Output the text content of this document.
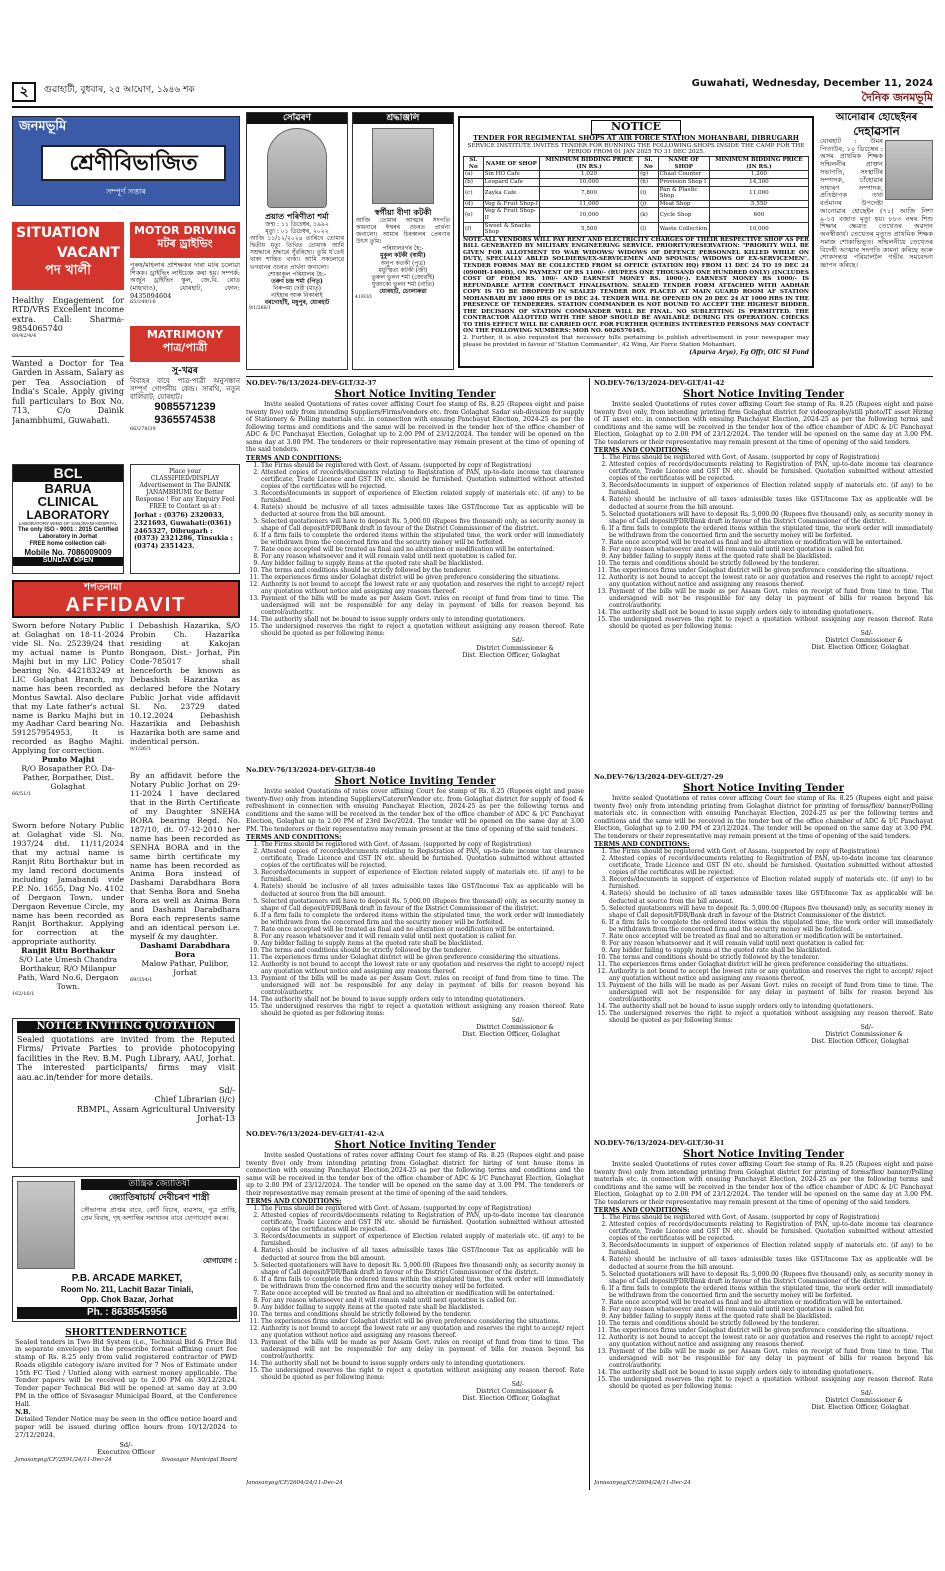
২	গুৱাহাটী, বুধবাৰ, ২৫ আঘোণ, ১৯৪৬ শক
Guwahati, Wednesday, December 11, 2024
দৈনিক জনমভূমি
জনমভূমি
শ্ৰেণীবিভাজিত
সম্পূৰ্ণ সত্তাৰ
SITUATION
VACANT
পদ খালী
Healthy Engagement for RTD/VRS Excellent income extra. Call: Sharma- 9854065740
69/42/4/4
Wanted a Doctor for Tea Garden in Assam, Salary as per Tea Association of India's Scale. Apply giving full particulars to Box No. 713, C/o Dainik Janambhumi, Guwahati.
MOTOR DRIVING
মটৰ ড্ৰাইভিং
পুৰুষ/মহিলাৰ প্ৰশিক্ষকৰ দাৰা মটৰ চলোৱা শিকক। ড্ৰাইভিং লাইচেঞ্চ কৰা হয়। সম্পৰ্ক: অৰ্জুন ড্ৰাইভিং স্কুল, জে.বি. ৰোড (মাছখাও), যোৰহাট, ফোন: 9435094604
65/249/16
MATRIMONY
পাত্ৰ/পাত্ৰী
সু-খৱৰ
বিবাহৰ বাবে পাত্ৰ-পাত্ৰী অনুসন্ধান সম্পূৰ্ণ গোপনীয় কেন্দ্ৰ। সাৰথি, নতুন বালিবাট, যোৰহাট।
9085571239
9365574538
66/278/39
BCL
BARUA
CLINICAL
LABORATORY
LABORATORY WING OF SANJIVANI HOSPITAL
The only ISO - 9001 : 2015 Certified Laboratory in Jorhat
FREE home collection call-
Mobile No. 7086009009
SUNDAY OPEN
Place your CLASSIFIED/DISPLAY Advertisement in The DAINIK JANAMBHUMI for Better Response ! For any Enquiry Feel FREE to Contact us at :
Jorhat : (0376) 2320033, 2321693, Guwahati:(0361) 2465327, Dibrugarh : (0373) 2321286, Tinsukia : (0374) 2351423.
শপতনামা
AFFIDAVIT
Sworn before Notary Public at Golaghat on 18-11-2024 vide Sl. No. 25239/24 that my actual name is Punto Majhi but in my LIC Policy bearing No. 442183249 at LIC Golaghat Branch, my name has been recorded as Montus Sawtal. Also declare that my Late father's actual name is Barku Majhi but in my Aadhar Card bearing No. 591257954953, It is recorded as Bagho Majhi. Applying for correction.
Punto Majhi
R/O Bosapather P.O. Da-Pather, Borpather, Dist. Golaghat
66/51/1
Sworn before Notary Public at Golaghat vide Sl. No. 1937/24 dtd. 11/11/2024 that my actual name is Ranjit Ritu Borthakur but in my land record documents including Jamabandi vide P.P. No. 1655, Dag No. 4102 of Dergaon Town, under Dergaon Revenue Circle, my name has been recorded as Ranjit Borthakur. Applying for correction at the appropriate authority.
Ranjit Ritu Borthakur
S/O Late Umesh Chandra Borthakur, R/O Milanpur Path, Ward No.6, Dergaon Town.
162/16/1
I Debashish Hazarika, S/O Probin Ch. Hazarika residing at Kakojan Bongaon, Dist.- Jorhat, Pin Code-785017 shall henceforth be known as Debashish Hazarika as declared before the Notary Public Jorhat vide affidavit Sl. No. 23729 dated 10.12.2024 Debashish Hazarikia and Debashish Hazarika both are same and indentical person.
9/1/26/1
By an affidavit before the Notary Public Jorhat on 29-11-2024 I have declared that in the Birth Certificate of my Daughter SNEHA BORA bearing Regd. No. 187/10, dt. 07-12-2010 her name has been recorded as SENHA BORA and in the same birth certificate my name has been recorded as Anima Bora instead of Dashami Darabdhara Bora that Senha Bora and Sneha Bora as well as Anima Bora and Dashami Darabdhara Bora each represents same and an identical person i.e. myself & my daughter.
Dashami Darabdhara Bora
Malow Pathar, Pulibor, Jorhat
69/354/1
NOTICE INVITING QUOTATION
Sealed quotations are invited from the Reputed Firms/ Private Parties to provide photocopying facilities in the Rev. B.M. Pugh Library, AAU, Jorhat. The interested participants/ firms may visit aau.ac.in/tender for more details.
Sd/-
Chief Librarian (i/c)
RBMPL, Assam Agricultural University
Jorhat-13
তান্ত্ৰিক জ্যোতিষী
জ্যোতিষাচাৰ্য দেবীচৰণ শাস্ত্ৰী
সৌভাগ্যৰ প্ৰাপ্তৰ বাবে, কোৰ্ট বিচাৰ, ব্যৱসায়, পুত্ৰ প্ৰাপ্তি, প্ৰেম বিবাহ, গৃহ অশান্তিৰ সমাধানৰ বাবে যোগাযোগ কৰক।
যোগাযোগ :
P.B. ARCADE MARKET,
Room No. 211, Lachit Bazar Tiniali,
Opp. Chok Bazar, Jorhat
Ph. : 8638545956
SHORTTENDERNOTICE
Sealed tenders in Two Bid System (i.e., Technical Bid & Price Bid in separate envelope) in the prescribe format affixing court fee stamp of Rs. 8.25 only from valid registered contractor of PWD Roads eligible category is/are invited for 7 Nos of Estimate under 15th FC Tied / Untied along with earnest money applicable. The Tender papers will be received up to 2.00 PM on 30/12/2024. Tender paper Technical Bid will be opened at same day at 3.00 PM in the office of Sivasagar Municipal Board, at the Conference Hall.
N.B.
Detailed Tender Notice may be seen in the office notice board and paper will be issued during office hours from 10/12/2024 to 27/12/2024.
Sd/-
Executive Officer
Janasanyog/CF/2591/24/11-Dec-24	Sivasagar Municipal Board
সোঁৱৰণ
প্ৰয়াত পৰিণীতা শৰ্মা
জন্ম : ১১ ডিচেম্বৰ, ১৯৯২
মৃত্যু : ০১ ডিচেম্বৰ, ২০২২
আজি ১১/১২/২০২৪ তাৰিখে তোমাৰ দ্বিতীয় মৃত্যু তিথিত তোমাক আমি সশ্ৰদ্ধাৰে শ্ৰদ্ধাৰে সুঁৱৰিছো। তুমি য'তেই থাকা শান্তিত থাকা। আমি সকলোৱে ভগৱানৰ ওচৰত প্ৰাৰ্থনা জনালো।
শোকাকুল পৰিয়ালৰ হৈ:-
তৰুণ চন্দ্ৰ শৰ্মা (পিতৃ)
নিৰুপমা দেৱী (মাতৃ)
নাইহাৰ আৰু নিকাৰাই
বৰগোহাঁই, মধুপুৰ, যোৰহাট
9/1/266/1
শ্ৰদ্ধাঞ্জলি
স্বৰ্গীয়া বীণা কটকী
আজি তোমাৰ আত্মাৰ সদগতি কামনাৰে ঈশ্বৰৰ ওচৰত প্ৰাৰ্থনা জনালো। আমাৰ চিৰকালৰ প্ৰেৰণাৰ উৎস তুমি।
পৰিয়ালবৰ্গৰ হৈ:-
মুকুল কটকী (স্বামী)
অনুপ কতকী (পুত্ৰ)
মধুস্মিতা কটকী (জী)
তুৰুল ভুলন শৰ্মা (জোৱাঁই)
যুক্তাকো ভুলন শৰ্মা (নাতি)
যোৰহাট, চেংলাৰুৱা
41/63/1
NOTICE
TENDER FOR REGIMENTAL SHOPS AT AIR FORCE STATION MOHANBARI, DIBRUGARH
SERVICE INSTITUTE INVITES TENDER FOR RUNNING THE FOLLOWING SHOPS INSIDE THE CAMP FOR THE PERIOD FROM 01 JAN 2025 TO 31 DEC 2025.
Sl. No	NAME OF SHOP	MINIMUM BIDDING PRICE (IN RS.)	Sl. No	NAME OF SHOP	MINIMUM BIDDING PRICE (IN RS.)
(a)	Sin HO Cafe	1,020	(g)	Chaat Counter	1,260
(b)	Leopard Cafe	10,000	(h)	Provision Shop I	14,300
(c)	Zayka Cafe	7,800	(i)	Pan & Plastic Shop	11,000
(d)	Veg & Fruit Shop-I	11,000	(j)	Meat Shop	5,550
(e)	Veg & Fruit Shop-II	10,000	(k)	Cycle Shop	600
(f)	Sweet & Snacks Shop	5,500	(l)	Waste Collection	10,000
NOTE-ALL VENDORS WILL PAY RENT AND ELECTRICITY CHARGES OF THEIR RESPECTIVE SHOP AS PER BILL GENERATED BY MILITARY ENGINEERING SERVICE. PRIORITY/RESERVATION: "PRIORITY WILL BE GIVEN FOR ALLOTMENT TO WAR WIDOWS/ WIDOWS OF DEFENCE PERSONNEL KILLED WHILE ON DUTY, SPECIALLY ABLED SOLDIERS/EX-SERVICEMEN AND SPOUSES/ WIDOWS OF EX-SERVICEMEN". TENDER FORMS MAY BE COLLECTED FROM SI OFFICE (STATION HQ) FROM 11 DEC 24 TO 19 DEC 24 (0900H-1400H), ON PAYMENT OF RS 1100/- (RUPEES ONE THOUSAND ONE HUNDRED ONLY) (INCLUDES COST OF FORM RS. 100/- AND EARNEST MONEY RS. 1000/-). EARNEST MONEY RS 1000/- IS REFUNDABLE AFTER CONTRACT FINALISATION. SEALED TENDER FORM ATTACHED WITH AADHAR COPY IS TO BE DROPPED IN SEALED TENDER BOX PLACED AT MAIN GUARD ROOM AF STATION MOHANBARI BY 1800 HRS OF 19 DEC 24. TENDER WILL BE OPENED ON 20 DEC 24 AT 1000 HRS IN THE PRESENCE OF TENDERERS. STATION COMMANDER IS NOT BOUND TO ACCEPT THE HIGHEST BIDDER. THE DECISION OF STATION COMMANDER WILL BE FINAL. NO SUBLETTING IS PERMITTED. THE CONTRACTOR ALLOTTED WITH THE SHOP SHOULD BE AVAILABLE DURING ITS OPERATION. CHECKS TO THIS EFFECT WILL BE CARRIED OUT. FOR FURTHER QUERIES INTERESTED PERSONS MAY CONTACT ON THE FOLLOWING NUMBERS: MOB NO. 6026576165.
2. Further, it is also requested that necessary bills pertaining to publish advertisement in your newspaper may please be provided in favour of 'Station Commander', 42 Wing, Air Force Station Mohanbari.
(Apurva Arya), Fg Offr, OIC SI Fund
আনোৱাৰ হোছেইনৰ
দেহাৱসান
যোৰহাট : উমৰ পিতাউৰ, ১০ ডিচেম্বৰ : অসম প্ৰাথমিক শিক্ষক সন্মিলনীৰ প্ৰাক্তন সভাপতি, সংস্থাটিৰ সম্পাদক, চাঁহোৱাৰ সাধাৰণ সম্পাদক, প্ৰতিষ্ঠাপক তথা বৰ্তমানৰ উপদেষ্টা আনোৱাৰ হোছেইন (৭১) আজি নিশা ৯-১৫ বজাত মৃত্যু হয়। ৮৮৩ নম্বৰ শিশু শিক্ষাৰ ক্ষেত্ৰত তেখেতৰ অৱদান অনস্বীকাৰ্য। তেখেতৰ মৃত্যুত প্ৰাথমিক শিক্ষক সমাজ শোকাভিভূত। সন্মিলনীয়ে তেখেতৰ বিদেহী আত্মাৰ সদগতি কামনা কৰিছে আৰু শোকসন্তপ্ত পৰিয়াললৈ গভীৰ সমবেদনা জ্ঞাপন কৰিছে।
NO.DEV-76/13/2024-DEV-GLT/32-37
Short Notice Inviting Tender
Invite sealed Quotations of rates cover affixing Court fee stamp of Rs. 8.25 (Rupees eight and paise twenty five) only from intending Suppliers/Firms/vendors etc. from Golaghat Sadar sub-division for supply of Stationery & Polling materials etc. in connection with ensuing Panchayat Election, 2024-25 as per the following terms and conditions and the same will be received in the tender box of the office chamber of ADC & I/C Panchayat Election, Golaghat up to 2.00 PM of 23/12/2024. The tender will be opened on the same day at 3.00 PM. The tenderers or their representative may remain present at the time of opening of the said tenders.
TERMS AND CONDITIONS:
1. The Firms should be registered with Govt. of Assam. (supported by copy of Registration)
2. Attested copies of records/documents relating to Registration of PAN, up-to-date income tax clearance certificate, Trade Licence and GST IN etc. should be furnished. Quotation submitted without attested copies of the certificates will be rejected.
3. Records/documents in support of experience of Election related supply of materials etc. (if any) to be furnished.
4. Rate(s) should be inclusive of all taxes admissible taxes like GST/Income Tax as applicable will be deducted at source from the bill amount.
5. Selected quotationers will have to deposit Rs. 5,000.00 (Rupees five thousand) only, as security money in shape of Call deposit/FDR/Bank draft in favour of the District Commissioner of the district.
6. If a firm fails to complete the ordered items within the stipulated time, the work order will immediately be withdrawn from the concerned firm and the security money will be forfeited.
7. Rate once accepted will be treated as final and no alteration or modification will be entertained.
8. For any reason whatsoever and it will remain valid until next quotation is called for.
9. Any bidder failing to supply items at the quoted rate shall be blacklisted.
10. The terms and conditions should be strictly followed by the tenderer.
11. The experiences firms under Golaghat district will be given preference considering the situations.
12. Authority is not bound to accept the lowest rate or any quotation and reserves the right to accept/ reject any quotation without notice and assigning any reasons thereof.
13. Payment of the bills will be made as per Assam Govt. rules on receipt of fund from time to time. The undersigned will not be responsible for any delay in payment of bills for reason beyond his control/authority.
14. The authority shall not be bound to issue supply orders only to intending quotationers.
15. The undersigned reserves the right to reject a quotation without assigning any reason thereof. Rate should be quoted as per following items:
Sd/-
District Commissioner &
Dist. Election Officer, Golaghat
No.DEV-76/13/2024-DEV-GLT/38-40
Short Notice Inviting Tender
Invite sealed Quotations of rates cover affixing Court fee stamp of Rs. 8.25 (Rupees eight and paise twenty-five) only from intending Suppliers/Caterer/Vendor etc. from Golaghat district for supply of food & refreshment in connection with ensuing Panchayat Election, 2024-25 as per the following terms and conditions and the same will be received in the tender box of the office chamber of ADC & I/C Panchayat Election, Golaghat up to 2.00 PM of 23rd Dec/2024. The tender will be opened on the same day at 3.00 PM. The tenderers or their representative may remain present at the time of opening of the said tenders.
TERMS AND CONDITIONS:
1. The Firms should be registered with Govt. of Assam. (supported by copy of Registration)
2. Attested copies of records/documents relating to Registration of PAN, up-to-date income tax clearance certificate, Trade Licence and GST IN etc. should be furnished. Quotation submitted without attested copies of the certificates will be rejected.
3. Records/documents in support of experience of Election related supply of materials etc. (if any) to be furnished.
4. Rate(s) should be inclusive of all taxes admissible taxes like GST/Income Tax as applicable will be deducted at source from the bill amount.
5. Selected quotationers will have to deposit Rs. 5,000.00 (Rupees five thousand) only, as security money in shape of Call deposit/FDR/Bank draft in favour of the District Commissioner of the district.
6. If a firm fails to complete the ordered items within the stipulated time, the work order will immediately be withdrawn from the concerned firm and the security money will be forfeited.
7. Rate once accepted will be treated as final and no alteration or modification will be entertained.
8. For any reason whatsoever and it will remain valid until next quotation is called for.
9. Any bidder failing to supply items at the quoted rate shall be blacklisted.
10. The terms and conditions should be strictly followed by the tenderer.
11. The experiences firms under Golaghat district will be given preference considering the situations.
12. Authority is not bound to accept the lowest rate or any quotation and reserves the right to accept/ reject any quotation without notice and assigning any reasons thereof.
13. Payment of the bills will be made as per Assam Govt. rules on receipt of fund from time to time. The undersigned will not be responsible for any delay in payment of bills for reason beyond his control/authority.
14. The authority shall not be bound to issue supply orders only to intending quotationers.
15. The undersigned reserves the right to reject a quotation without assigning any reason thereof. Rate should be quoted as per following items:
Sd/-
District Commissioner &
Dist. Election Officer, Golaghat
NO.DEV-76/13/2024-DEV-GLT/41-42-A
Short Notice Inviting Tender
Invite sealed Quotations of rates cover affixing Court fee stamp of Rs. 8.25 (Rupees eight and paise twenty five) only from intending printing from Golaghat district for hiring of tent house items in connection with ensuing Panchayat Election,2024-25 as per the following terms and conditions and the same will be received in the tender box of the office chamber of ADC & I/C Panchayat Election, Golaghat up to 2.00 PM of 23/12/2024. The tender will be opened on the same day at 3.00 PM. The tenderers or their representative may remain present at the time of opening of the said tenders.
TERMS AND CONDITIONS:
1. The Firms should be registered with Govt. of Assam. (supported by copy of Registration)
2. Attested copies of records/documents relating to Registration of PAN, up-to-date income tax clearance certificate, Trade Licence and GST IN etc. should be furnished. Quotation submitted without attested copies of the certificates will be rejected.
3. Records/documents in support of experience of Election related supply of materials etc. (if any) to be furnished.
4. Rate(s) should be inclusive of all taxes admissible taxes like GST/Income Tax as applicable will be deducted at source from the bill amount.
5. Selected quotationers will have to deposit Rs. 5,000.00 (Rupees five thousand) only, as security money in shape of Call deposit/FDR/Bank draft in favour of the District Commissioner of the district.
6. If a firm fails to complete the ordered items within the stipulated time, the work order will immediately be withdrawn from the concerned firm and the security money will be forfeited.
7. Rate once accepted will be treated as final and no alteration or modification will be entertained.
8. For any reason whatsoever and it will remain valid until next quotation is called for.
9. Any bidder failing to supply items at the quoted rate shall be blacklisted.
10. The terms and conditions should be strictly followed by the tenderer.
11. The experiences firms under Golaghat district will be given preference considering the situations.
12. Authority is not bound to accept the lowest rate or any quotation and reserves the right to accept/ reject any quotation without notice and assigning any reasons thereof.
13. Payment of the bills will be made as per Assam Govt. rules on receipt of fund from time to time. The undersigned will not be responsible for any delay in payment of bills for reason beyond his control/authority.
14. The authority shall not be bound to issue supply orders only to intending quotationers.
15. The undersigned reserves the right to reject a quotation without assigning any reason thereof. Rate should be quoted as per following items:
Sd/-
District Commissioner &
Dist. Election Officer, Golaghat
NO.DEV-76/13/2024-DEV-GLT/41-42
Short Notice Inviting Tender
Invite sealed Quotations of rates cover affixing Court fee stamp of Rs. 8.25 (Rupees eight and paise twenty five) only, from intending printing firm Golaghat district for videography/still photo/IT asset Hiring of IT asset etc. in connection with ensuing Panchayat Election, 2024-25 as per the following terms and conditions and the same will be received in the tender box of the office chamber of ADC & I/C Panchayat Election, Golaghat up to 2.00 PM of 23/12/2024. The tender will be opened on the same day at 3.00 PM. The tenderers or their representative may remain present at the time of opening of the said tenders.
TERMS AND CONDITIONS:
1. The Firms should be registered with Govt. of Assam. (supported by copy of Registration)
2. Attested copies of records/documents relating to Registration of PAN, up-to-date income tax clearance certificate, Trade Licence and GST IN etc. should be furnished. Quotation submitted without attested copies of the certificates will be rejected.
3. Records/documents in support of experience of Election related supply of materials etc. (if any) to be furnished.
4. Rate(s) should be inclusive of all taxes admissible taxes like GST/Income Tax as applicable will be deducted at source from the bill amount.
5. Selected quotationers will have to deposit Rs. 5,000.00 (Rupees five thousand) only, as security money in shape of Call deposit/FDR/Bank draft in favour of the District Commissioner of the district.
6. If a firm fails to complete the ordered items within the stipulated time, the work order will immediately be withdrawn from the concerned firm and the security money will be forfeited.
7. Rate once accepted will be treated as final and no alteration or modification will be entertained.
8. For any reason whatsoever and it will remain valid until next quotation is called for.
9. Any bidder failing to supply items at the quoted rate shall be blacklisted.
10. The terms and conditions should be strictly followed by the tenderer.
11. The experiences firms under Golaghat district will be given preference considering the situations.
12. Authority is not bound to accept the lowest rate or any quotation and reserves the right to accept/ reject any quotation without notice and assigning any reasons thereof.
13. Payment of the bills will be made as per Assam Govt. rules on receipt of fund from time to time. The undersigned will not be responsible for any delay in payment of bills for reason beyond his control/authority.
14. The authority shall not be bound to issue supply orders only to intending quotationers.
15. The undersigned reserves the right to reject a quotation without assigning any reason thereof. Rate should be quoted as per following items:
Sd/-
District Commissioner &
Dist. Election Officer, Golaghat
No.DEV-76/13/2024-DEV-GLT/27-29
Short Notice Inviting Tender
Invite sealed Quotations of rates cover affixing Court fee stamp of Rs. 8.25 (Rupees eight and paise twenty five) only from intending printing from Golaghat district for printing of forms/flex/ banner/Polling materials etc. in connection with ensuing Panchayat Election, 2024-25 as per the following terms and conditions and the same will be received in the tender box of the office chamber of ADC & I/C Panchayat Election, Golaghat up to 2.00 PM of 23/12/2024. The tender will be opened on the same day at 3.00 PM. The tenderers or their representative may remain present at the time of opening of the said tenders.
TERMS AND CONDITIONS:
1. The Firms should be registered with Govt. of Assam. (supported by copy of Registration)
2. Attested copies of records/documents relating to Registration of PAN, up-to-date income tax clearance certificate, Trade Licence and GST IN etc. should be furnished. Quotation submitted without attested copies of the certificates will be rejected.
3. Records/documents in support of experience of Election related supply of materials etc. (if any) to be furnished.
4. Rate(s) should be inclusive of all taxes admissible taxes like GST/Income Tax as applicable will be deducted at source from the bill amount.
5. Selected quotationers will have to deposit Rs. 5,000.00 (Rupees five thousand) only, as security money in shape of Call deposit/FDR/Bank draft in favour of the District Commissioner of the district.
6. If a firm fails to complete the ordered items within the stipulated time, the work order will immediately be withdrawn from the concerned firm and the security money will be forfeited.
7. Rate once accepted will be treated as final and no alteration or modification will be entertained.
8. For any reason whatsoever and it will remain valid until next quotation is called for.
9. Any bidder failing to supply items at the quoted rate shall be blacklisted.
10. The terms and conditions should be strictly followed by the tenderer.
11. The experiences firms under Golaghat district will be given preference considering the situations.
12. Authority is not bound to accept the lowest rate or any quotation and reserves the right to accept/ reject any quotation without notice and assigning any reasons thereof.
13. Payment of the bills will be made as per Assam Govt. rules on receipt of fund from time to time. The undersigned will not be responsible for any delay in payment of bills for reason beyond his control/authority.
14. The authority shall not be bound to issue supply orders only to intending quotationers.
15. The undersigned reserves the right to reject a quotation without assigning any reason thereof. Rate should be quoted as per following items:
Sd/-
District Commissioner &
Dist. Election Officer, Golaghat
NO.DEV-76/13/2024-DEV-GLT/30-31
Short Notice Inviting Tender
Invite sealed Quotations of rates cover affixing Court fee stamp of Rs. 8.25 (Rupees eight and paise twenty five) only from intending printing from Golaghat district for printing of forms/flex/ banner/Polling materials etc. in connection with ensuing Panchayat Election, 2024-25 as per the following terms and conditions and the same will be received in the tender box of the office chamber of ADC & I/C Panchayat Election, Golaghat up to 2.00 PM of 23/12/2024. The tender will be opened on the same day at 3.00 PM. The tenderers or their representative may remain present at the time of opening of the said tenders.
TERMS AND CONDITIONS:
1. The Firms should be registered with Govt. of Assam. (supported by copy of Registration)
2. Attested copies of records/documents relating to Registration of PAN, up-to-date income tax clearance certificate, Trade Licence and GST IN etc. should be furnished. Quotation submitted without attested copies of the certificates will be rejected.
3. Records/documents in support of experience of Election related supply of materials etc. (if any) to be furnished.
4. Rate(s) should be inclusive of all taxes admissible taxes like GST/Income Tax as applicable will be deducted at source from the bill amount.
5. Selected quotationers will have to deposit Rs. 5,000.00 (Rupees five thousand) only, as security money in shape of Call deposit/FDR/Bank draft in favour of the District Commissioner of the district.
6. If a firm fails to complete the ordered items within the stipulated time, the work order will immediately be withdrawn from the concerned firm and the security money will be forfeited.
7. Rate once accepted will be treated as final and no alteration or modification will be entertained.
8. For any reason whatsoever and it will remain valid until next quotation is called for.
9. Any bidder failing to supply items at the quoted rate shall be blacklisted.
10. The terms and conditions should be strictly followed by the tenderer.
11. The experiences firms under Golaghat district will be given preference considering the situations.
12. Authority is not bound to accept the lowest rate or any quotation and reserves the right to accept/ reject any quotation without notice and assigning any reasons thereof.
13. Payment of the bills will be made as per Assam Govt. rules on receipt of fund from time to time. The undersigned will not be responsible for any delay in payment of bills for reason beyond his control/authority.
14. The authority shall not be bound to issue supply orders only to intending quotationers.
15. The undersigned reserves the right to reject a quotation without assigning any reason thereof. Rate should be quoted as per following items:
Sd/-
District Commissioner &
Dist. Election Officer, Golaghat
Janasanyog/CF/2604/24/11-Dec-24	Janasanyog/CF/2604/24/11-Dec-24
